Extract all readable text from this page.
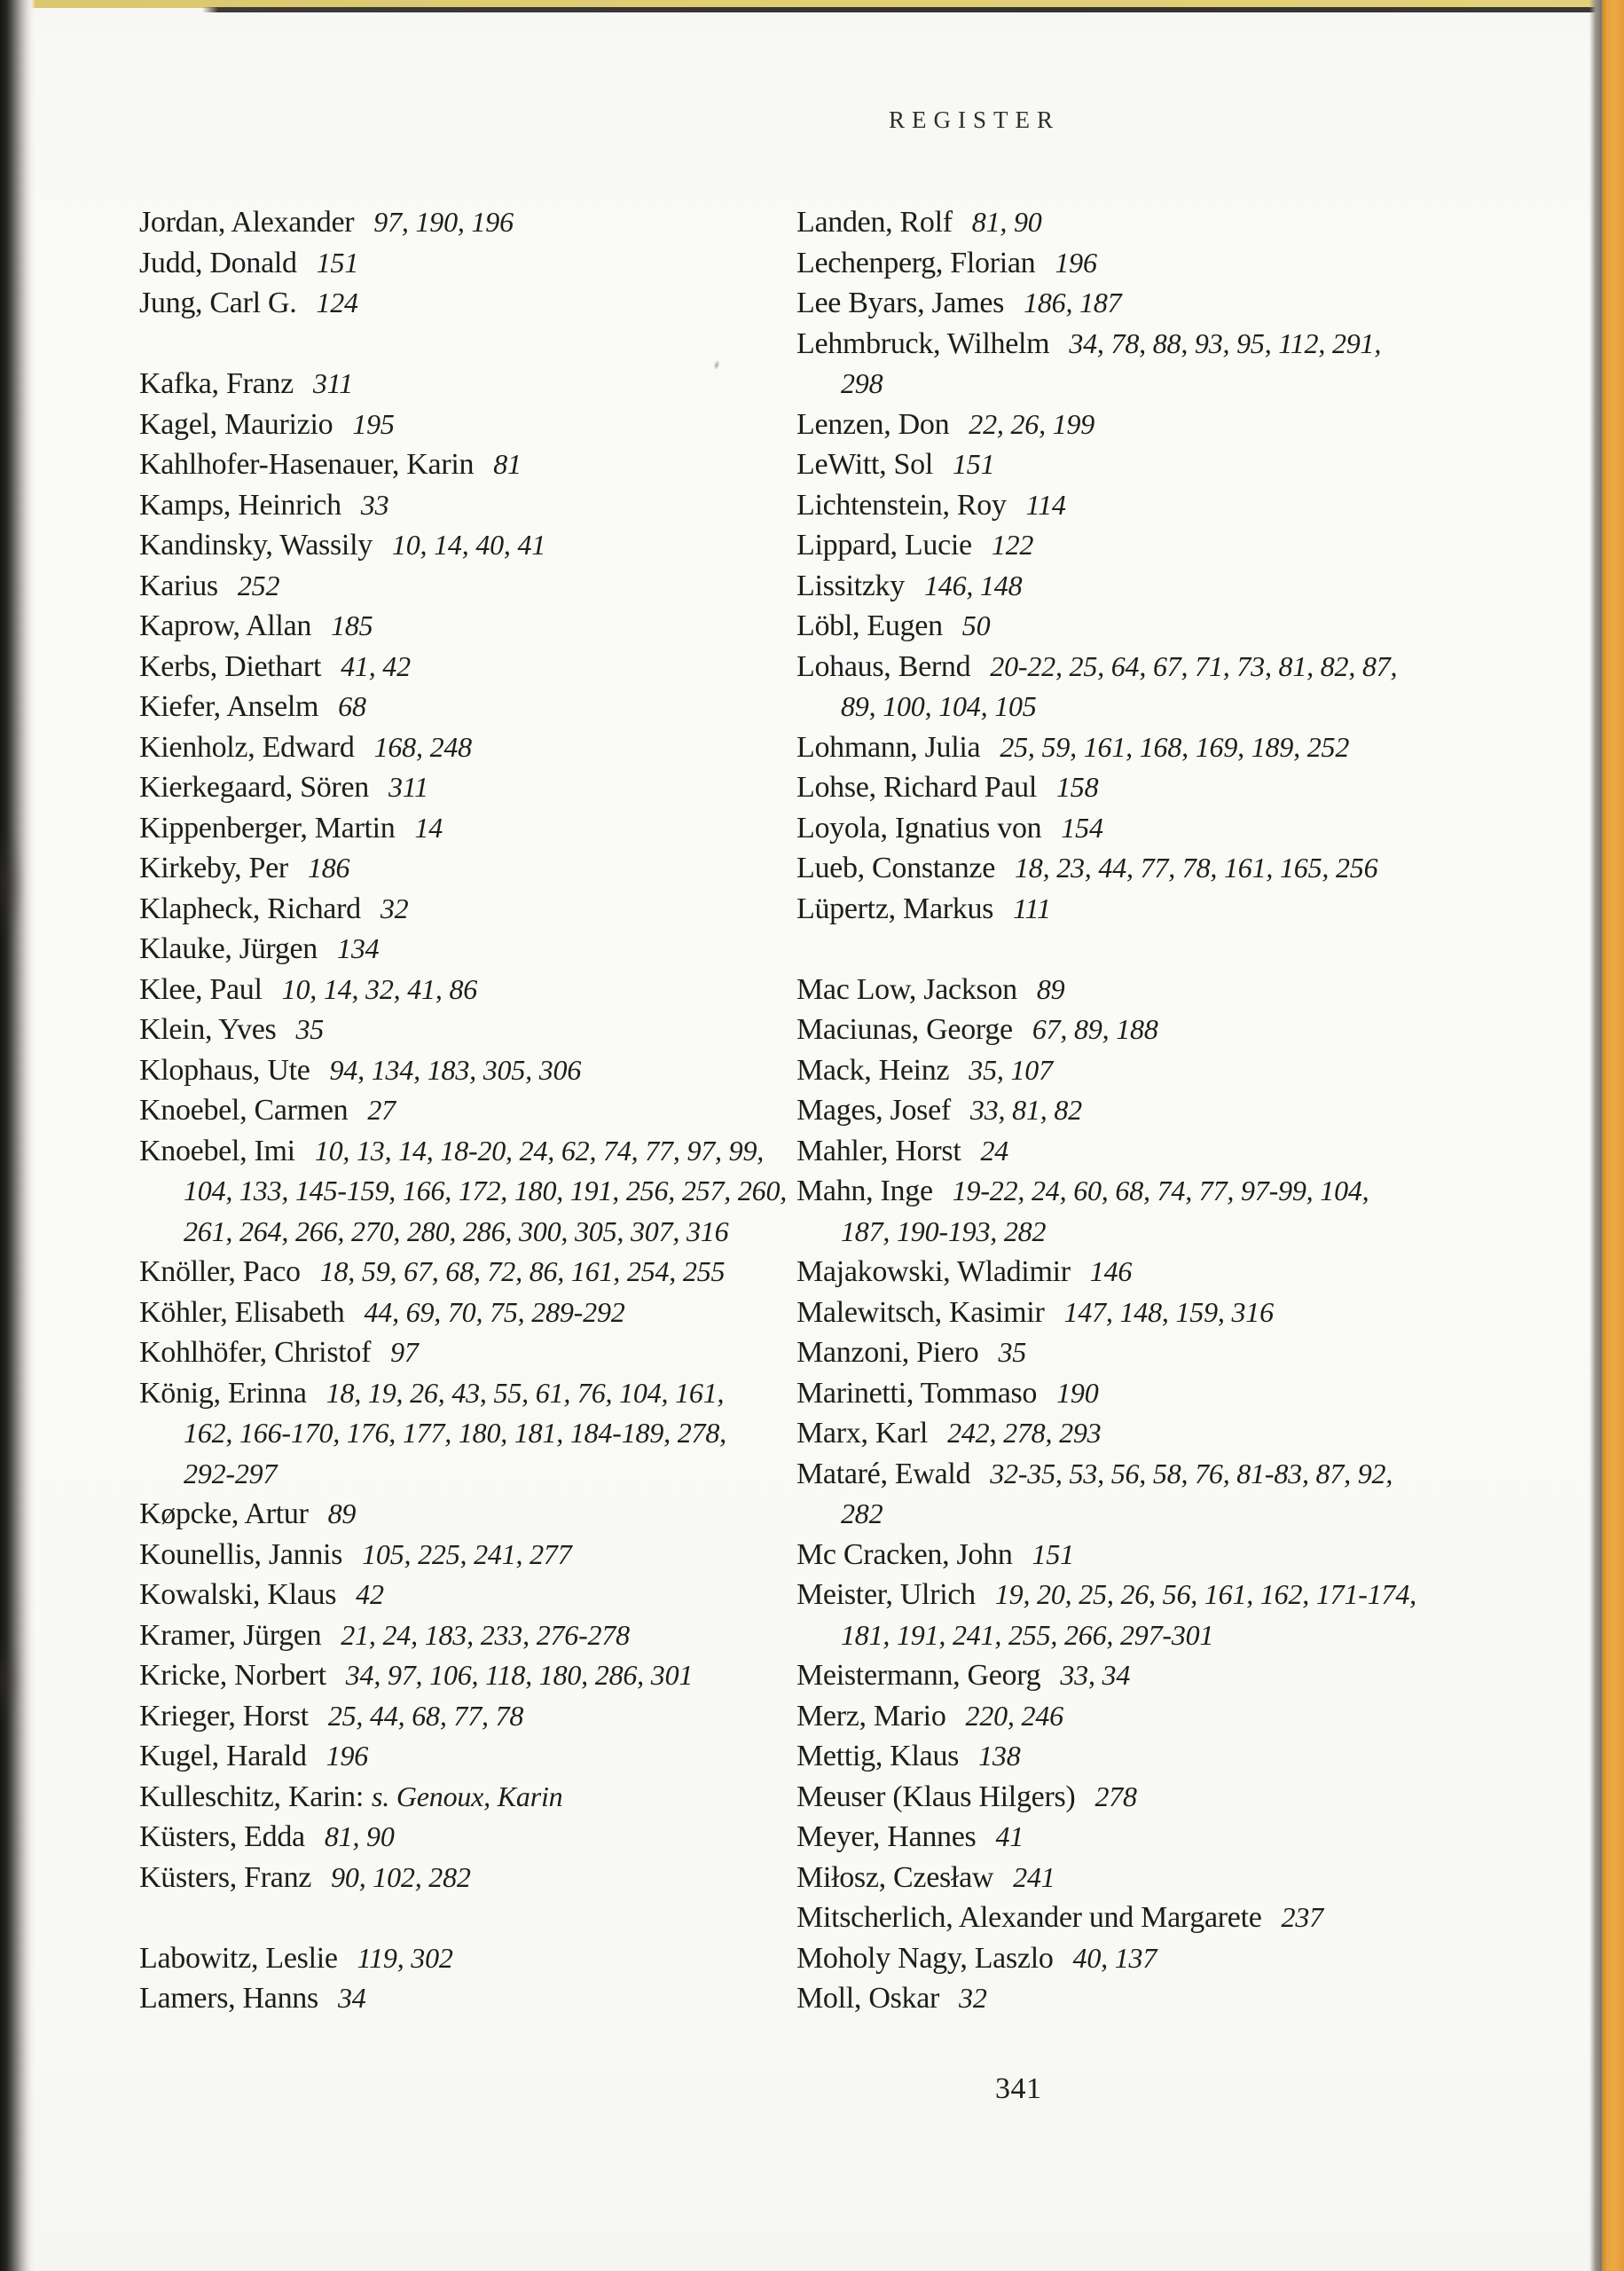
REGISTER
Jordan, Alexander 97, 190, 196
Judd, Donald 151
Jung, Carl G. 124
Kafka, Franz 311
Kagel, Maurizio 195
Kahlhofer-Hasenauer, Karin 81
Kamps, Heinrich 33
Kandinsky, Wassily 10, 14, 40, 41
Karius 252
Kaprow, Allan 185
Kerbs, Diethart 41, 42
Kiefer, Anselm 68
Kienholz, Edward 168, 248
Kierkegaard, Sören 311
Kippenberger, Martin 14
Kirkeby, Per 186
Klapheck, Richard 32
Klauke, Jürgen 134
Klee, Paul 10, 14, 32, 41, 86
Klein, Yves 35
Klophaus, Ute 94, 134, 183, 305, 306
Knoebel, Carmen 27
Knoebel, Imi 10, 13, 14, 18-20, 24, 62, 74, 77, 97, 99,
104, 133, 145-159, 166, 172, 180, 191, 256, 257, 260,
261, 264, 266, 270, 280, 286, 300, 305, 307, 316
Knöller, Paco 18, 59, 67, 68, 72, 86, 161, 254, 255
Köhler, Elisabeth 44, 69, 70, 75, 289-292
Kohlhöfer, Christof 97
König, Erinna 18, 19, 26, 43, 55, 61, 76, 104, 161,
162, 166-170, 176, 177, 180, 181, 184-189, 278,
292-297
Køpcke, Artur 89
Kounellis, Jannis 105, 225, 241, 277
Kowalski, Klaus 42
Kramer, Jürgen 21, 24, 183, 233, 276-278
Kricke, Norbert 34, 97, 106, 118, 180, 286, 301
Krieger, Horst 25, 44, 68, 77, 78
Kugel, Harald 196
Kulleschitz, Karin: s. Genoux, Karin
Küsters, Edda 81, 90
Küsters, Franz 90, 102, 282
Labowitz, Leslie 119, 302
Lamers, Hanns 34
Landen, Rolf 81, 90
Lechenperg, Florian 196
Lee Byars, James 186, 187
Lehmbruck, Wilhelm 34, 78, 88, 93, 95, 112, 291,
298
Lenzen, Don 22, 26, 199
LeWitt, Sol 151
Lichtenstein, Roy 114
Lippard, Lucie 122
Lissitzky 146, 148
Löbl, Eugen 50
Lohaus, Bernd 20-22, 25, 64, 67, 71, 73, 81, 82, 87,
89, 100, 104, 105
Lohmann, Julia 25, 59, 161, 168, 169, 189, 252
Lohse, Richard Paul 158
Loyola, Ignatius von 154
Lueb, Constanze 18, 23, 44, 77, 78, 161, 165, 256
Lüpertz, Markus 111
Mac Low, Jackson 89
Maciunas, George 67, 89, 188
Mack, Heinz 35, 107
Mages, Josef 33, 81, 82
Mahler, Horst 24
Mahn, Inge 19-22, 24, 60, 68, 74, 77, 97-99, 104,
187, 190-193, 282
Majakowski, Wladimir 146
Malewitsch, Kasimir 147, 148, 159, 316
Manzoni, Piero 35
Marinetti, Tommaso 190
Marx, Karl 242, 278, 293
Mataré, Ewald 32-35, 53, 56, 58, 76, 81-83, 87, 92,
282
Mc Cracken, John 151
Meister, Ulrich 19, 20, 25, 26, 56, 161, 162, 171-174,
181, 191, 241, 255, 266, 297-301
Meistermann, Georg 33, 34
Merz, Mario 220, 246
Mettig, Klaus 138
Meuser (Klaus Hilgers) 278
Meyer, Hannes 41
Miłosz, Czesław 241
Mitscherlich, Alexander und Margarete 237
Moholy Nagy, Laszlo 40, 137
Moll, Oskar 32
341
